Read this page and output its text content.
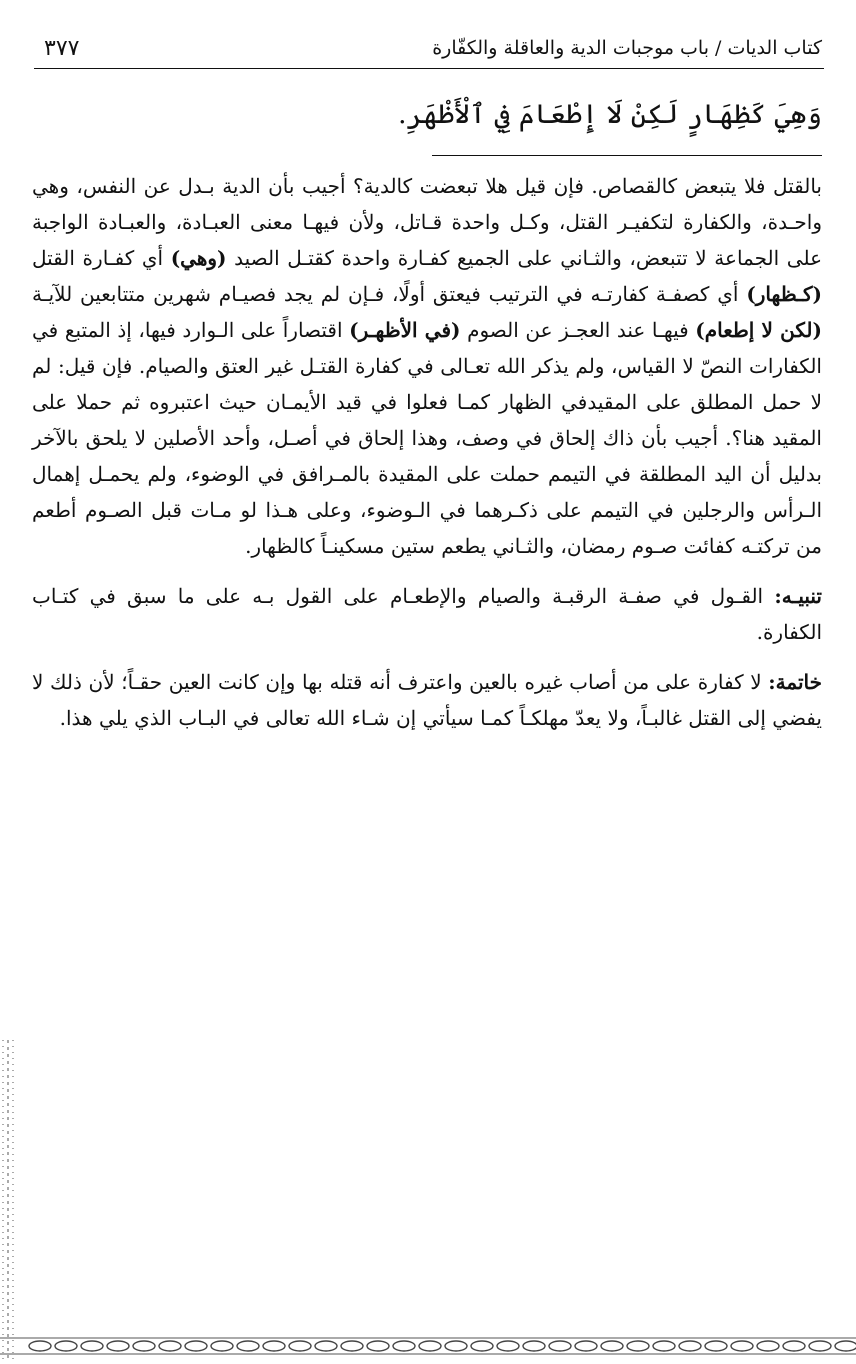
٣٧٧	كتاب الديات / باب موجبات الدية والعاقلة والكفّارة
وَهِيَ كَظِهَارٍ لَكِنْ لَا إِطْعَامَ فِي ٱلْأَظْهَرِ.

بالقتل فلا يتبعض كالقصاص. فإن قيل هلا تبعضت كالدية؟ أجيب بأن الدية بـدل عن النفس، وهي واحـدة، والكفارة لتكفيـر القتل، وكـل واحدة قـاتل، ولأن فيهـا معنى العبـادة، والعبـادة الواجبة على الجماعة لا تتبعض، والثـاني على الجميع كفـارة واحدة كقتـل الصيد (وهي) أي كفـارة القتل (كـظهار) أي كصفـة كفارتـه في الترتيب فيعتق أولًا، فـإن لم يجد فصيـام شهرين متتابعين للآيـة (لكن لا إطعام) فيهـا عند العجـز عن الصوم (في الأظهـر) اقتصاراً على الـوارد فيها، إذ المتبع في الكفارات النصّ لا القياس، ولم يذكر الله تعـالى في كفارة القتـل غير العتق والصيام. فإن قيل: لم لا حمل المطلق على المقيدفي الظهار كمـا فعلوا في قيد الأيمـان حيث اعتبروه ثم حملا على المقيد هنا؟. أجيب بأن ذاك إلحاق في وصف، وهذا إلحاق في أصـل، وأحد الأصلين لا يلحق بالآخر بدليل أن اليد المطلقة في التيمم حملت على المقيدة بالمـرافق في الوضوء، ولم يحمـل إهمال الـرأس والرجلين في التيمم على ذكـرهما في الـوضوء، وعلى هـذا لو مـات قبل الصـوم أطعم من تركتـه كفائت صـوم رمضان، والثـاني يطعم ستين مسكينـاً كالظهار.

تنبيـه: القـول في صفـة الرقبـة والصيام والإطعـام على القول بـه على ما سبق في كتـاب الكفارة.

خاتمة: لا كفارة على من أصاب غيره بالعين واعترف أنه قتله بها وإن كانت العين حقـاً؛ لأن ذلك لا يفضي إلى القتل غالبـاً، ولا يعدّ مهلكـاً كمـا سيأتي إن شـاء الله تعالى في البـاب الذي يلي هذا.
